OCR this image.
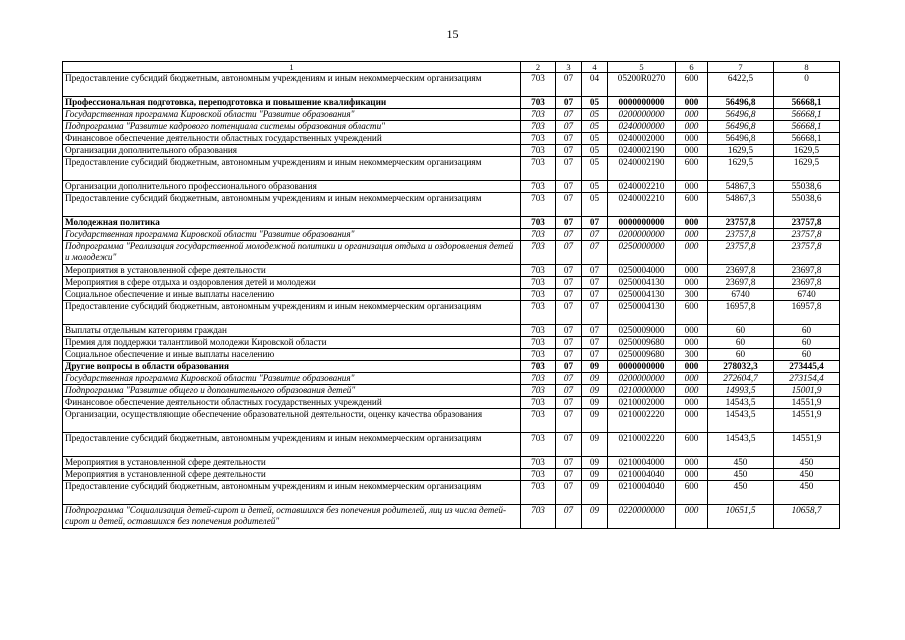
15
1	2	3	4	5	6	7	8
Предоставление субсидий бюджетным, автономным учреждениям и иным некоммерческим организациям	703	07	04	05200R0270	600	6422,5	0
Профессиональная подготовка, переподготовка и повышение квалификации	703	07	05	0000000000	000	56496,8	56668,1
Государственная программа Кировской области "Развитие образования"	703	07	05	0200000000	000	56496,8	56668,1
Подпрограмма "Развитие кадрового потенциала системы образования области"	703	07	05	0240000000	000	56496,8	56668,1
Финансовое обеспечение деятельности областных государственных учреждений	703	07	05	0240002000	000	56496,8	56668,1
Организации дополнительного образования	703	07	05	0240002190	000	1629,5	1629,5
Предоставление субсидий бюджетным, автономным учреждениям и иным некоммерческим организациям	703	07	05	0240002190	600	1629,5	1629,5
Организации дополнительного профессионального образования	703	07	05	0240002210	000	54867,3	55038,6
Предоставление субсидий бюджетным, автономным учреждениям и иным некоммерческим организациям	703	07	05	0240002210	600	54867,3	55038,6
Молодежная политика	703	07	07	0000000000	000	23757,8	23757,8
Государственная программа Кировской области "Развитие образования"	703	07	07	0200000000	000	23757,8	23757,8
Подпрограмма "Реализация государственной молодежной политики и организация отдыха и оздоровления детей и молодежи"	703	07	07	0250000000	000	23757,8	23757,8
Мероприятия в установленной сфере деятельности	703	07	07	0250004000	000	23697,8	23697,8
Мероприятия в сфере отдыха и оздоровления детей и молодежи	703	07	07	0250004130	000	23697,8	23697,8
Социальное обеспечение и иные выплаты населению	703	07	07	0250004130	300	6740	6740
Предоставление субсидий бюджетным, автономным учреждениям и иным некоммерческим организациям	703	07	07	0250004130	600	16957,8	16957,8
Выплаты отдельным категориям граждан	703	07	07	0250009000	000	60	60
Премия для поддержки талантливой молодежи Кировской области	703	07	07	0250009680	000	60	60
Социальное обеспечение и иные выплаты населению	703	07	07	0250009680	300	60	60
Другие вопросы в области образования	703	07	09	0000000000	000	278032,3	273445,4
Государственная программа Кировской области "Развитие образования"	703	07	09	0200000000	000	272604,7	273154,4
Подпрограмма "Развитие общего и дополнительного образования детей"	703	07	09	0210000000	000	14993,5	15001,9
Финансовое обеспечение деятельности областных государственных учреждений	703	07	09	0210002000	000	14543,5	14551,9
Организации, осуществляющие обеспечение образовательной деятельности, оценку качества образования	703	07	09	0210002220	000	14543,5	14551,9
Предоставление субсидий бюджетным, автономным учреждениям и иным некоммерческим организациям	703	07	09	0210002220	600	14543,5	14551,9
Мероприятия в установленной сфере деятельности	703	07	09	0210004000	000	450	450
Мероприятия в установленной сфере деятельности	703	07	09	0210004040	000	450	450
Предоставление субсидий бюджетным, автономным учреждениям и иным некоммерческим организациям	703	07	09	0210004040	600	450	450
Подпрограмма "Социализация детей-сирот и детей, оставшихся без попечения родителей, лиц из числа детей-сирот и детей, оставшихся без попечения родителей"	703	07	09	0220000000	000	10651,5	10658,7
